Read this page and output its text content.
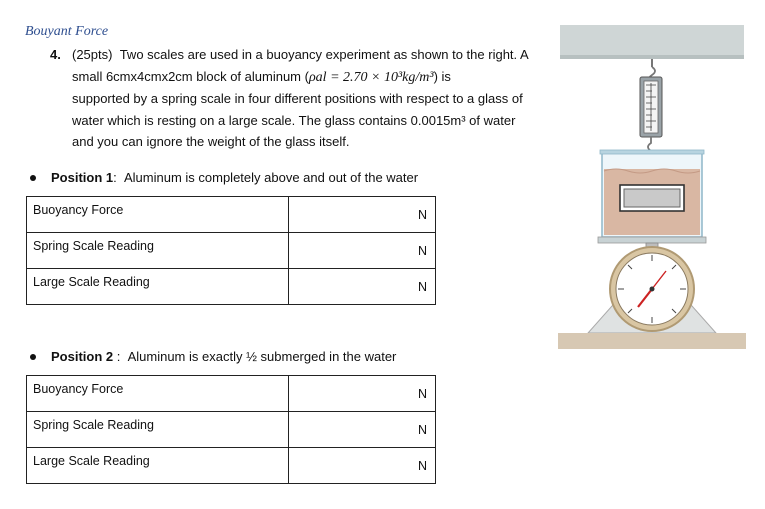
Bouyant Force
4. (25pts) Two scales are used in a buoyancy experiment as shown to the right. A
small 6cmx4cmx2cm block of aluminum (ρal = 2.70 × 10³kg/m³) is
supported by a spring scale in four different positions with respect to a glass of
water which is resting on a large scale. The glass contains 0.0015m³ of water
and you can ignore the weight of the glass itself.
Position 1: Aluminum is completely above and out of the water
Buoyancy Force	N
Spring Scale Reading	N
Large Scale Reading	N
Position 2 : Aluminum is exactly ½ submerged in the water
Buoyancy Force	N
Spring Scale Reading	N
Large Scale Reading	N
